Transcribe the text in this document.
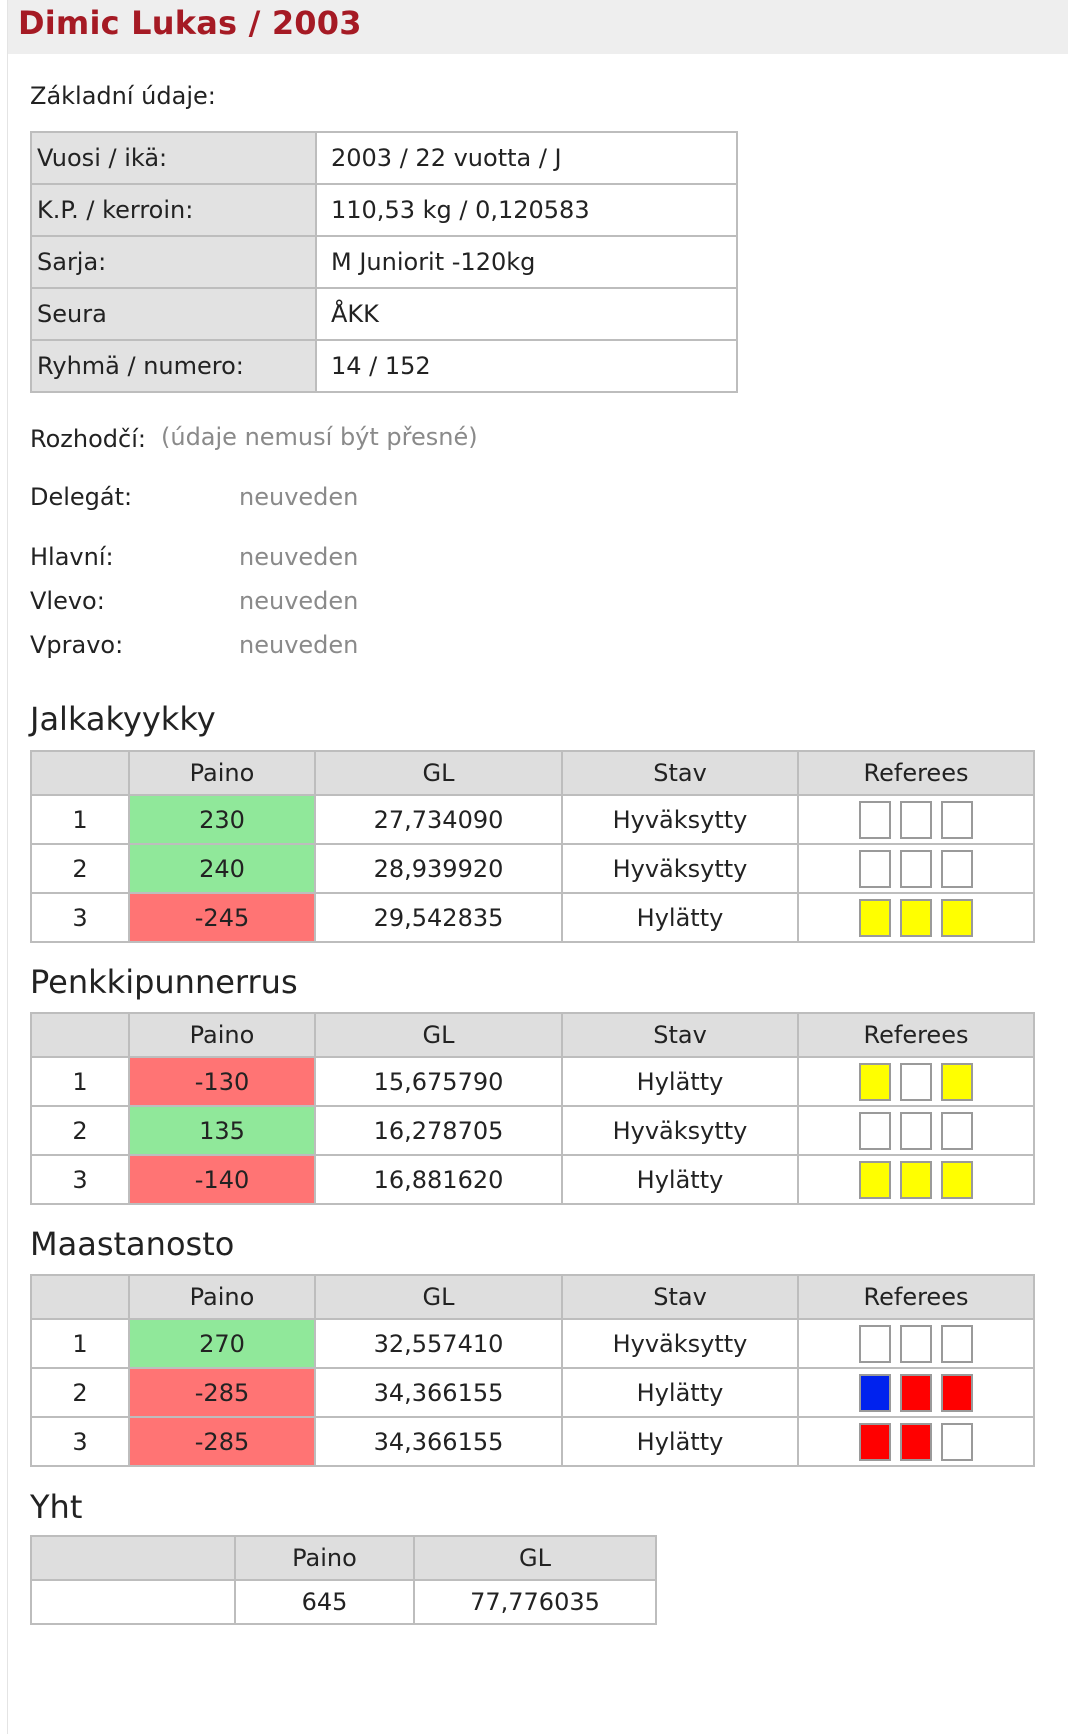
Dimic Lukas / 2003
Základní údaje:
Vuosi / ikä:	2003 / 22 vuotta / J
K.P. / kerroin:	110,53 kg / 0,120583
Sarja:	M Juniorit -120kg
Seura	ÅKK
Ryhmä / numero:	14 / 152
Rozhodčí: (údaje nemusí být přesné)
Delegát:	neuveden
Hlavní:	neuveden
Vlevo:	neuveden
Vpravo:	neuveden
Jalkakyykky
	Paino	GL	Stav	Referees
1	230	27,734090	Hyväksytty	

2	240	28,939920	Hyväksytty	

3	-245	29,542835	Hylätty	
Penkkipunnerrus
	Paino	GL	Stav	Referees
1	-130	15,675790	Hylätty	

2	135	16,278705	Hyväksytty	

3	-140	16,881620	Hylätty	
Maastanosto
	Paino	GL	Stav	Referees
1	270	32,557410	Hyväksytty	

2	-285	34,366155	Hylätty	

3	-285	34,366155	Hylätty	
Yht
	Paino	GL
	645	77,776035
